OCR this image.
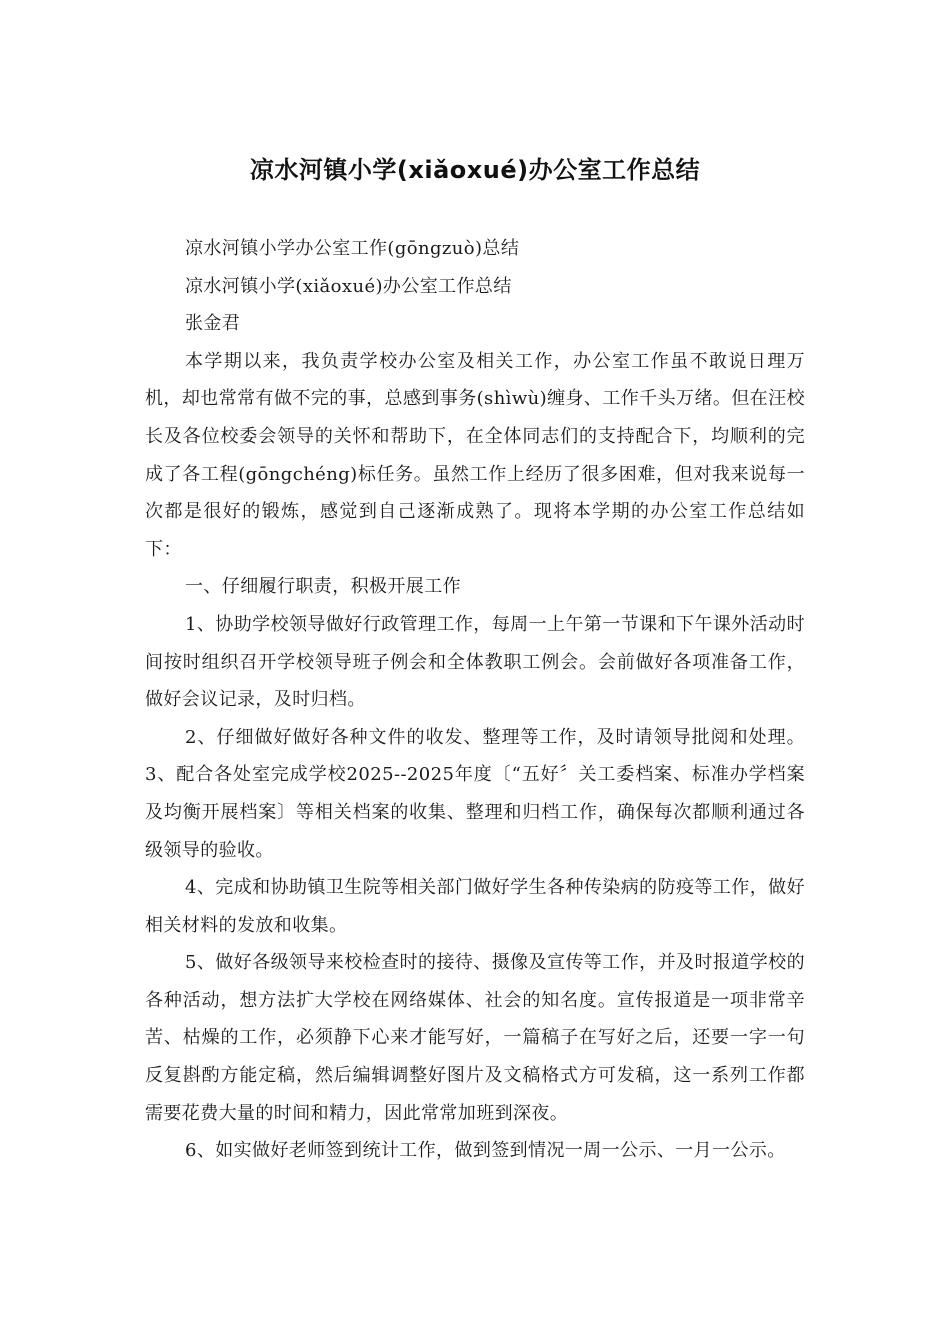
凉水河镇小学(xiǎoxué)办公室工作总结

凉水河镇小学办公室工作(gōngzuò)总结

凉水河镇小学(xiǎoxué)办公室工作总结

张金君

本学期以来，我负责学校办公室及相关工作，办公室工作虽不敢说日理万机，却也常常有做不完的事，总感到事务(shìwù)缠身、工作千头万绪。但在汪校长及各位校委会领导的关怀和帮助下，在全体同志们的支持配合下，均顺利的完成了各工程(gōngchéng)标任务。虽然工作上经历了很多困难，但对我来说每一次都是很好的锻炼，感觉到自己逐渐成熟了。现将本学期的办公室工作总结如下：

一、仔细履行职责，积极开展工作

1、协助学校领导做好行政管理工作，每周一上午第一节课和下午课外活动时间按时组织召开学校领导班子例会和全体教职工例会。会前做好各项准备工作，做好会议记录，及时归档。

2、仔细做好做好各种文件的收发、整理等工作，及时请领导批阅和处理。3、配合各处室完成学校2025--2025年度〔“五好〞关工委档案、标准办学档案及均衡开展档案〕等相关档案的收集、整理和归档工作，确保每次都顺利通过各级领导的验收。

4、完成和协助镇卫生院等相关部门做好学生各种传染病的防疫等工作，做好相关材料的发放和收集。

5、做好各级领导来校检查时的接待、摄像及宣传等工作，并及时报道学校的各种活动，想方法扩大学校在网络媒体、社会的知名度。宣传报道是一项非常辛苦、枯燥的工作，必须静下心来才能写好，一篇稿子在写好之后，还要一字一句反复斟酌方能定稿，然后编辑调整好图片及文稿格式方可发稿，这一系列工作都需要花费大量的时间和精力，因此常常加班到深夜。

6、如实做好老师签到统计工作，做到签到情况一周一公示、一月一公示。
